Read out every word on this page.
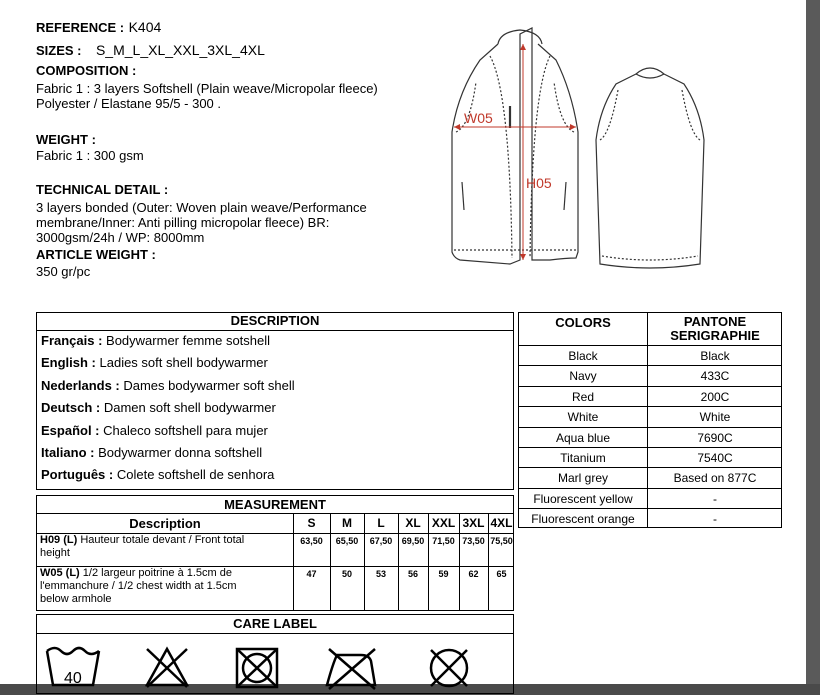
REFERENCE : K404
SIZES : S_M_L_XL_XXL_3XL_4XL
COMPOSITION :
Fabric 1 : 3 layers Softshell (Plain weave/Micropolar fleece)
Polyester / Elastane 95/5 - 300 .
WEIGHT :
Fabric 1 : 300 gsm
TECHNICAL DETAIL :
3 layers bonded (Outer: Woven plain weave/Performance
membrane/Inner: Anti pilling micropolar fleece) BR:
3000gsm/24h / WP: 8000mm
ARTICLE WEIGHT :
350 gr/pc
W05
H05
DESCRIPTION
Français : Bodywarmer femme sotshell
English : Ladies soft shell bodywarmer
Nederlands : Dames bodywarmer soft shell
Deutsch : Damen soft shell bodywarmer
Español : Chaleco softshell para mujer
Italiano : Bodywarmer donna softshell
Português : Colete softshell de senhora
COLORS	PANTONE
SERIGRAPHIE
Black	Black
Navy	433C
Red	200C
White	White
Aqua blue	7690C
Titanium	7540C
Marl grey	Based on 877C
Fluorescent yellow	-
Fluorescent orange	-
MEASUREMENT
Description	S	M	L	XL XXL 3XL 4XL
H09 (L) Hauteur totale devant / Front total
height
63,50	65,50	67,50	69,50 71,50 73,50 75,50
W05 (L) 1/2 largeur poitrine à 1.5cm de
l'emmanchure / 1/2 chest width at 1.5cm
below armhole
47	50	53	56	59	62	65
CARE LABEL
40
